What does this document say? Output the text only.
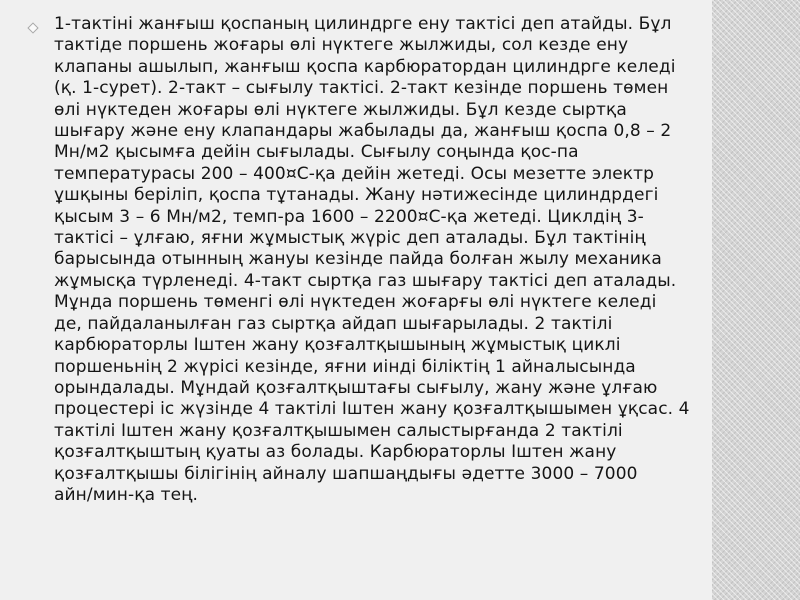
1-тактіні жанғыш қоспаның цилиндрге ену тактісі деп атайды. Бұл
тактіде поршень жоғары өлі нүктеге жылжиды, сол кезде ену
клапаны ашылып, жанғыш қоспа карбюратордан цилиндрге келеді
(қ. 1-сурет). 2-такт – сығылу тактісі. 2-такт кезінде поршень төмен
өлі нүктеден жоғары өлі нүктеге жылжиды. Бұл кезде сыртқа
шығару және ену клапандары жабылады да, жанғыш қоспа 0,8 – 2
Мн/м2 қысымға дейін сығылады. Сығылу соңында қос-па
температурасы 200 – 400¤С-қа дейін жетеді. Осы мезетте электр
ұшқыны беріліп, қоспа тұтанады. Жану нәтижесінде цилиндрдегі
қысым 3 – 6 Мн/м2, темп-ра 1600 – 2200¤С-қа жетеді. Циклдің 3-
тактісі – ұлғаю, яғни жұмыстық жүріс деп аталады. Бұл тактінің
барысында отынның жануы кезінде пайда болған жылу механика
жұмысқа түрленеді. 4-такт сыртқа газ шығару тактісі деп аталады.
Мұнда поршень төменгі өлі нүктеден жоғарғы өлі нүктеге келеді
де, пайдаланылған газ сыртқа айдап шығарылады. 2 тактілі
карбюраторлы Іштен жану қозғалтқышының жұмыстық циклі
поршеньнің 2 жүрісі кезінде, яғни иінді біліктің 1 айналысында
орындалады. Мұндай қозғалтқыштағы сығылу, жану және ұлғаю
процестері іс жүзінде 4 тактілі Іштен жану қозғалтқышымен ұқсас. 4
тактілі Іштен жану қозғалтқышымен салыстырғанда 2 тактілі
қозғалтқыштың қуаты аз болады. Карбюраторлы Іштен жану
қозғалтқышы білігінің айналу шапшаңдығы әдетте 3000 – 7000
айн/мин-қа тең.
